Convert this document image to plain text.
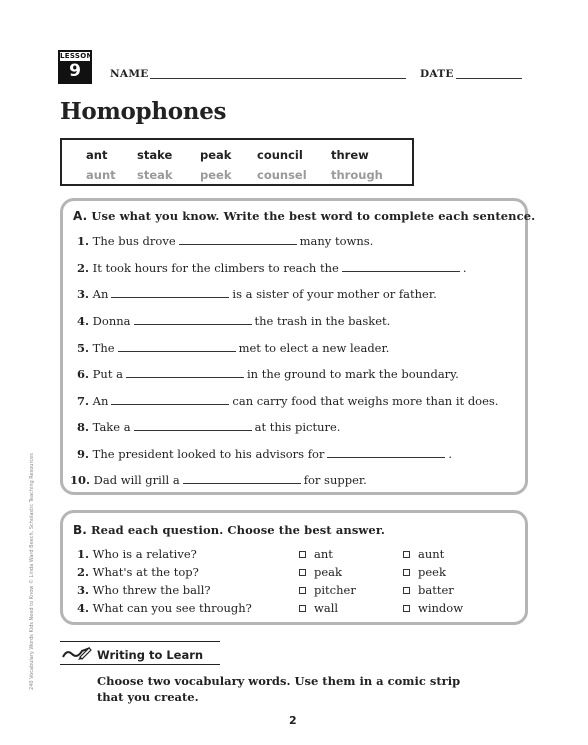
LESSON
9	NAME	DATE
Homophones
ant	stake peak council threw
aunt steak peek counsel through
A. Use what you know. Write the best word to complete each sentence.
1. The bus drove	many towns.
2. It took hours for the climbers to reach the	.
3. An	is a sister of your mother or father.
4. Donna	the trash in the basket.
5. The	met to elect a new leader.
6. Put a	in the ground to mark the boundary.
7. An	can carry food that weighs more than it does.
8. Take a	at this picture.
9. The president looked to his advisors for	.
10. Dad will grill a	for supper.
B. Read each question. Choose the best answer.
1. Who is a relative?	ant	aunt
2. What's at the top?	peak	peek
3. Who threw the ball?	pitcher	batter
4. What can you see through?	wall	window
Writing to Learn
Choose two vocabulary words. Use them in a comic strip that you create.
2
240 Vocabulary Words Kids Need to Know © Linda Ward Beech, Scholastic Teaching Resources
